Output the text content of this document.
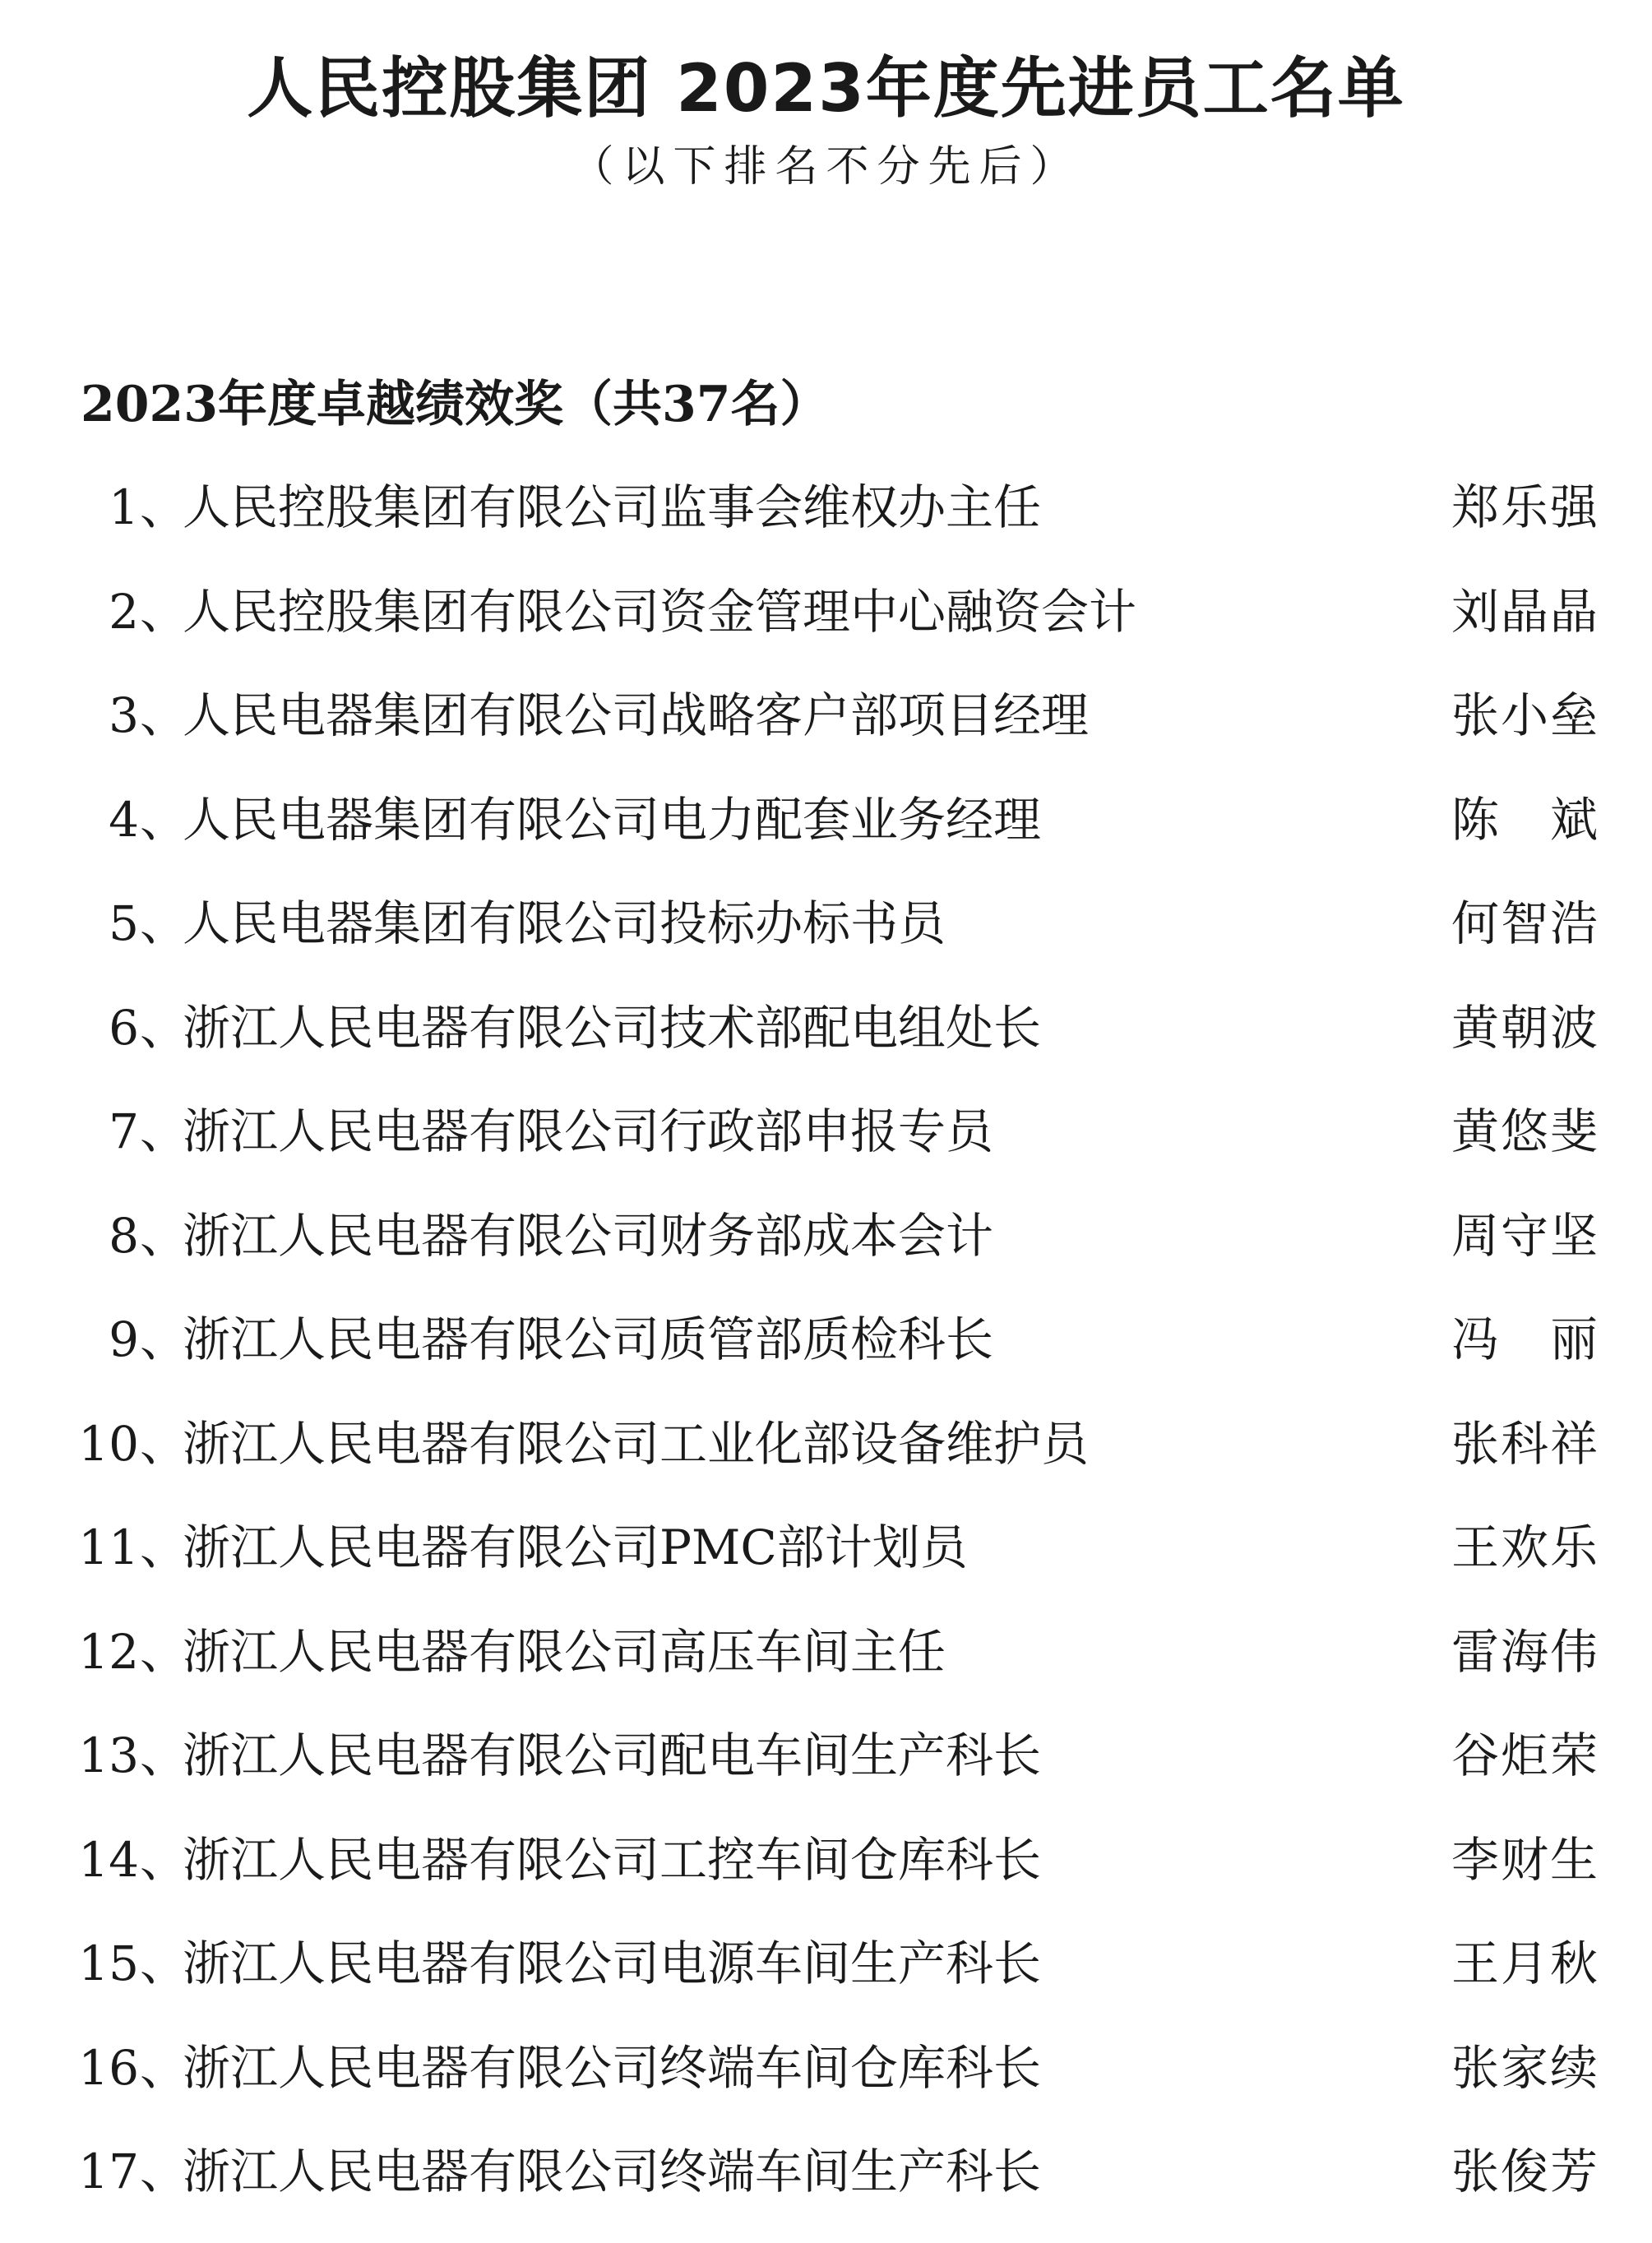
人民控股集团 2023年度先进员工名单

（以下排名不分先后）

2023年度卓越绩效奖（共37名）
1 、
人民控股集团有限公司监事会维权办主任	郑乐强
2 、
人民控股集团有限公司资金管理中心融资会计	刘晶晶
3 、
人民电器集团有限公司战略客户部项目经理	张小垒
4 、
人民电器集团有限公司电力配套业务经理	陈斌
5 、
人民电器集团有限公司投标办标书员	何智浩
6 、
浙江人民电器有限公司技术部配电组处长	黄朝波
7 、
浙江人民电器有限公司行政部申报专员	黄悠斐
8 、
浙江人民电器有限公司财务部成本会计	周守坚
9 、
浙江人民电器有限公司质管部质检科长	冯丽
10 、
浙江人民电器有限公司工业化部设备维护员	张科祥
11 、
浙江人民电器有限公司PMC部计划员	王欢乐
12 、
浙江人民电器有限公司高压车间主任	雷海伟
13 、
浙江人民电器有限公司配电车间生产科长	谷炬荣
14 、
浙江人民电器有限公司工控车间仓库科长	李财生
15 、
浙江人民电器有限公司电源车间生产科长	王月秋
16 、
浙江人民电器有限公司终端车间仓库科长	张家续
17 、
浙江人民电器有限公司终端车间生产科长	张俊芳
